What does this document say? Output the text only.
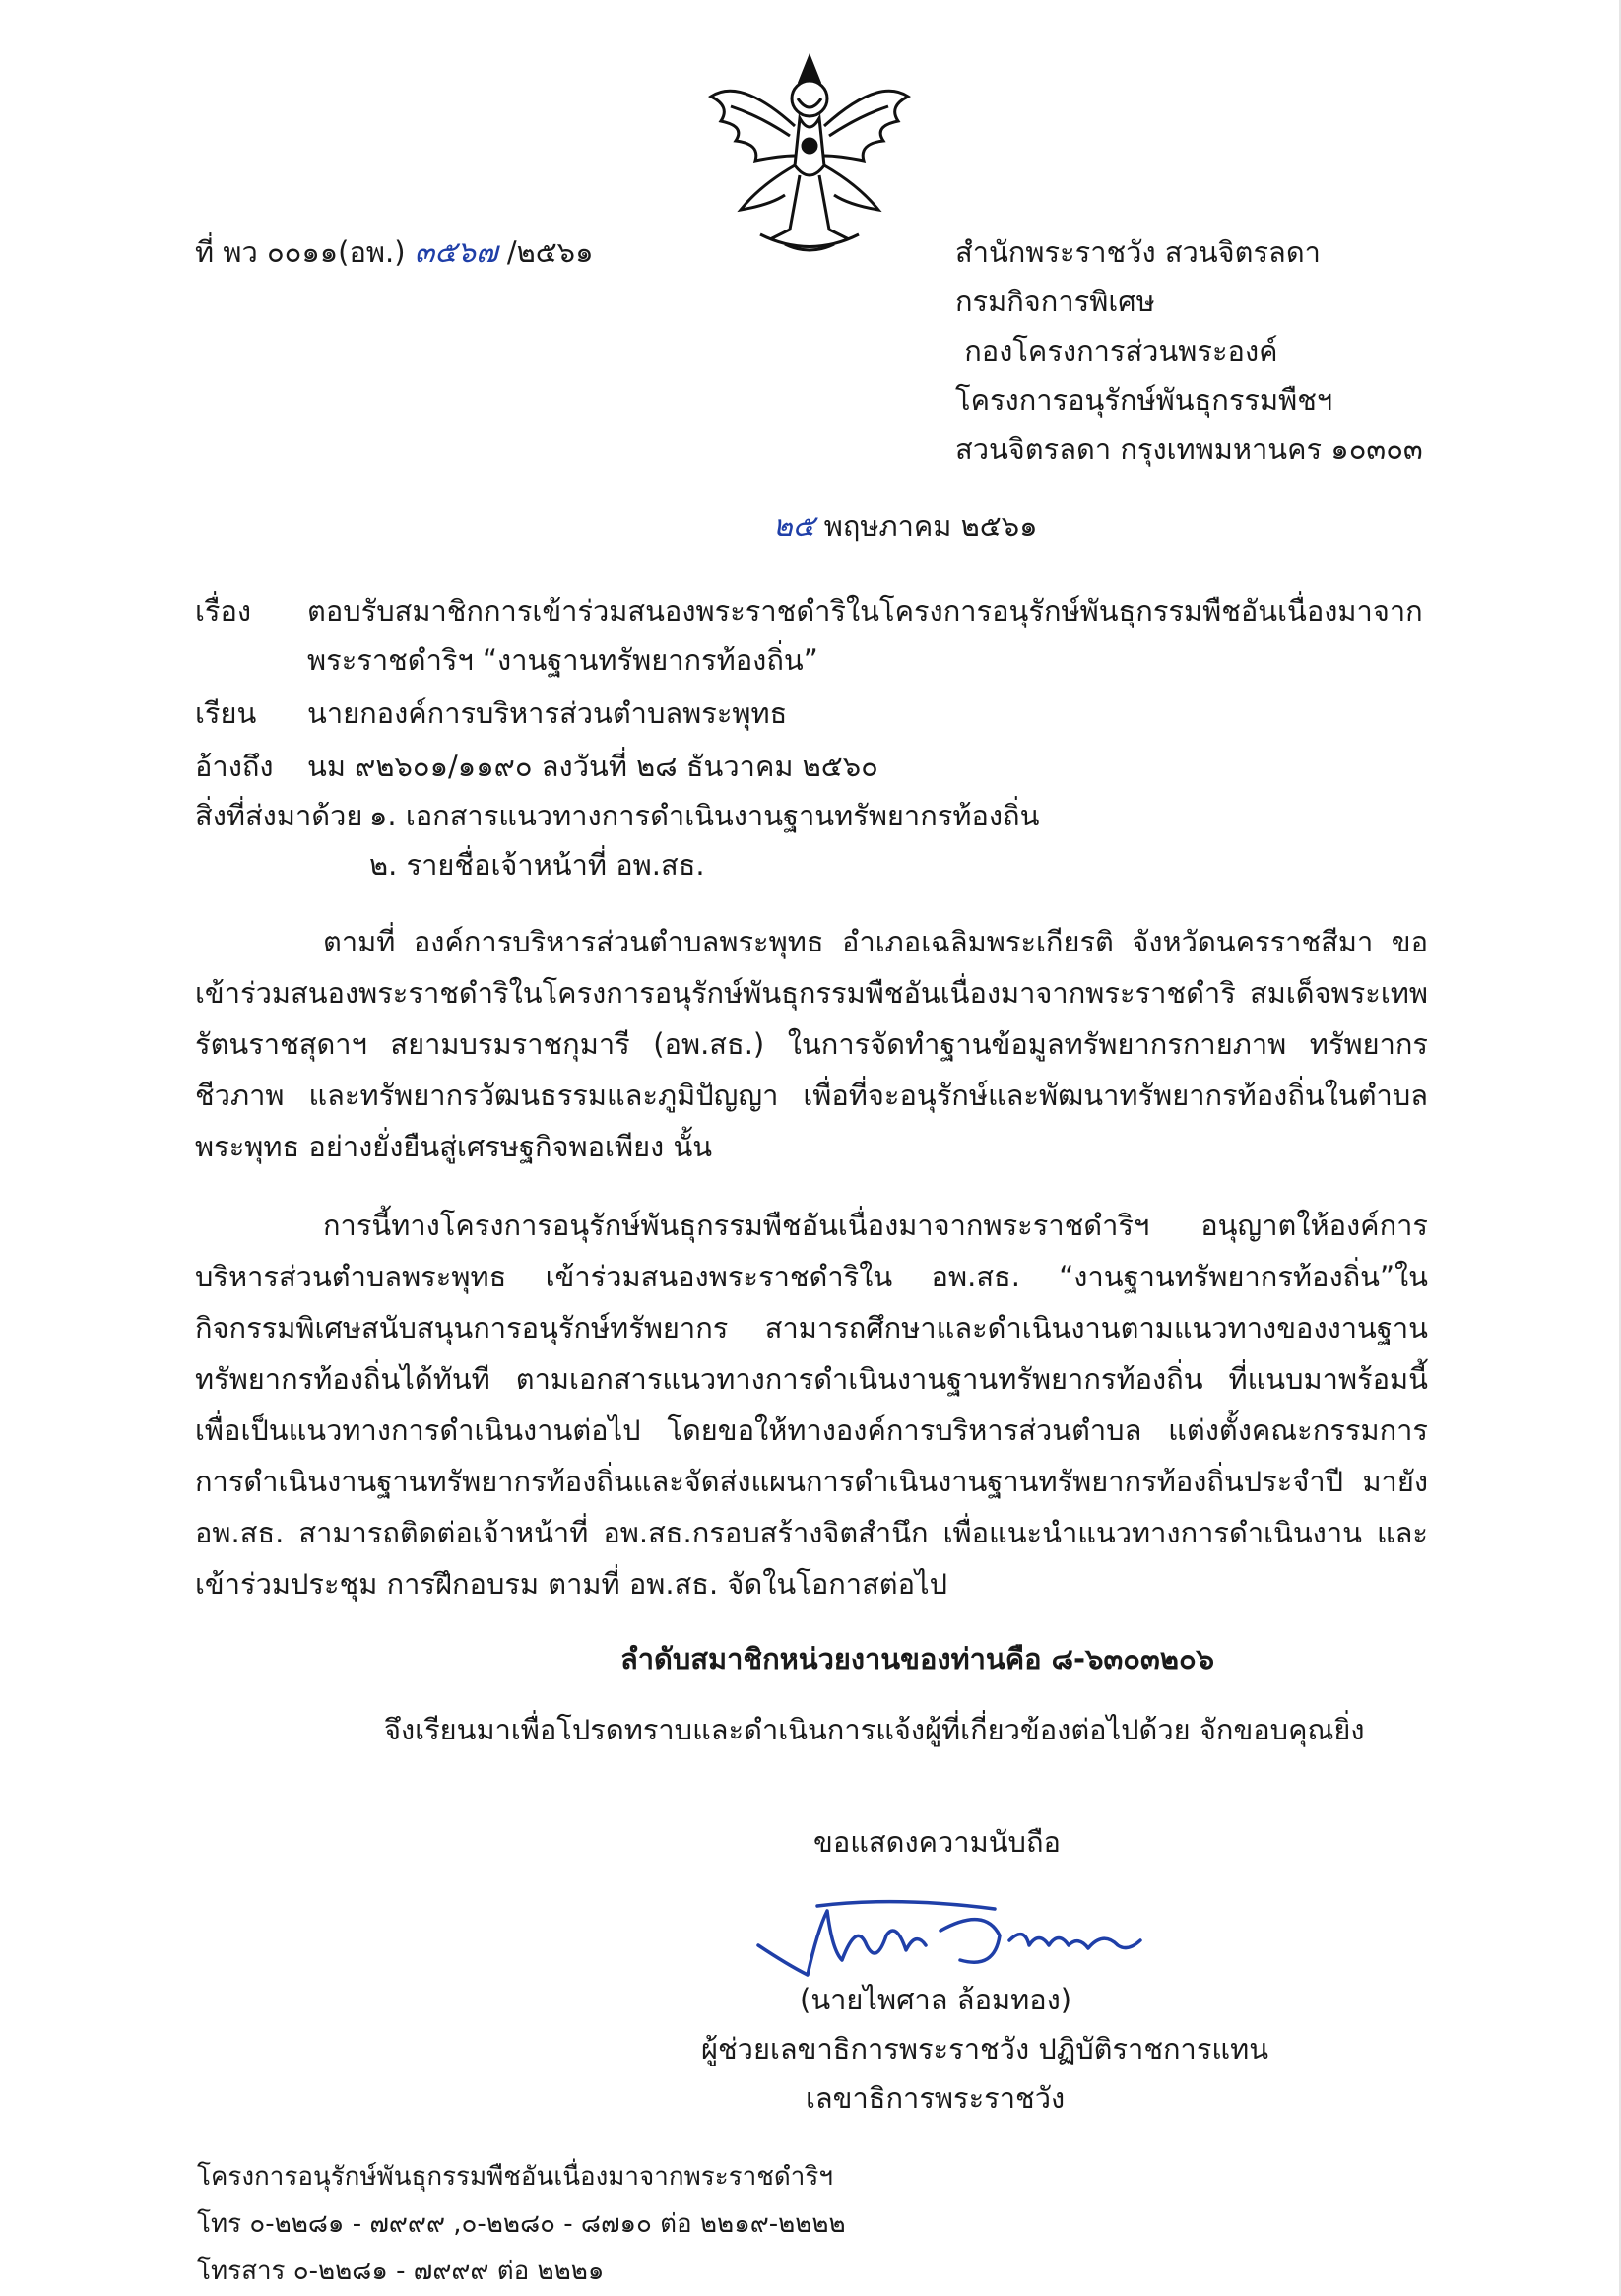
ที่ พว ๐๐๑๑(อพ.) ๓๕๖๗ /๒๕๖๑	สำนักพระราชวัง สวนจิตรลดา
กรมกิจการพิเศษ
กองโครงการส่วนพระองค์
โครงการอนุรักษ์พันธุกรรมพืชฯ
สวนจิตรลดา กรุงเทพมหานคร ๑๐๓๐๓
๒๕ พฤษภาคม ๒๕๖๑
เรื่อง ตอบรับสมาชิกการเข้าร่วมสนองพระราชดำริในโครงการอนุรักษ์พันธุกรรมพืชอันเนื่องมาจาก
พระราชดำริฯ “งานฐานทรัพยากรท้องถิ่น”
เรียน นายกองค์การบริหารส่วนตำบลพระพุทธ
อ้างถึง นม ๙๒๖๐๑/๑๑๙๐ ลงวันที่ ๒๘ ธันวาคม ๒๕๖๐
สิ่งที่ส่งมาด้วย ๑. เอกสารแนวทางการดำเนินงานฐานทรัพยากรท้องถิ่น
๒. รายชื่อเจ้าหน้าที่ อพ.สธ.
ตามที่ องค์การบริหารส่วนตำบลพระพุทธ อำเภอเฉลิมพระเกียรติ จังหวัดนครราชสีมา ขอเข้าร่วมสนองพระราชดำริในโครงการอนุรักษ์พันธุกรรมพืชอันเนื่องมาจากพระราชดำริ สมเด็จพระเทพรัตนราชสุดาฯ สยามบรมราชกุมารี (อพ.สธ.) ในการจัดทำฐานข้อมูลทรัพยากรกายภาพ ทรัพยากรชีวภาพ และทรัพยากรวัฒนธรรมและภูมิปัญญา เพื่อที่จะอนุรักษ์และพัฒนาทรัพยากรท้องถิ่นในตำบลพระพุทธ อย่างยั่งยืนสู่เศรษฐกิจพอเพียง นั้น
การนี้ทางโครงการอนุรักษ์พันธุกรรมพืชอันเนื่องมาจากพระราชดำริฯ อนุญาตให้องค์การบริหารส่วนตำบลพระพุทธ เข้าร่วมสนองพระราชดำริใน อพ.สธ. “งานฐานทรัพยากรท้องถิ่น”ในกิจกรรมพิเศษสนับสนุนการอนุรักษ์ทรัพยากร สามารถศึกษาและดำเนินงานตามแนวทางของงานฐานทรัพยากรท้องถิ่นได้ทันที ตามเอกสารแนวทางการดำเนินงานฐานทรัพยากรท้องถิ่น ที่แนบมาพร้อมนี้ เพื่อเป็นแนวทางการดำเนินงานต่อไป โดยขอให้ทางองค์การบริหารส่วนตำบล แต่งตั้งคณะกรรมการการดำเนินงานฐานทรัพยากรท้องถิ่นและจัดส่งแผนการดำเนินงานฐานทรัพยากรท้องถิ่นประจำปี มายัง อพ.สธ. สามารถติดต่อเจ้าหน้าที่ อพ.สธ.กรอบสร้างจิตสำนึก เพื่อแนะนำแนวทางการดำเนินงาน และเข้าร่วมประชุม การฝึกอบรม ตามที่ อพ.สธ. จัดในโอกาสต่อไป
ลำดับสมาชิกหน่วยงานของท่านคือ ๘-๖๓๐๓๒๐๖
จึงเรียนมาเพื่อโปรดทราบและดำเนินการแจ้งผู้ที่เกี่ยวข้องต่อไปด้วย จักขอบคุณยิ่ง
ขอแสดงความนับถือ
(นายไพศาล ล้อมทอง)
ผู้ช่วยเลขาธิการพระราชวัง ปฏิบัติราชการแทน
เลขาธิการพระราชวัง
โครงการอนุรักษ์พันธุกรรมพืชอันเนื่องมาจากพระราชดำริฯ
โทร ๐-๒๒๘๑ - ๗๙๙๙ ,๐-๒๒๘๐ - ๘๗๑๐ ต่อ ๒๒๑๙-๒๒๒๒
โทรสาร ๐-๒๒๘๑ - ๗๙๙๙ ต่อ ๒๒๒๑
